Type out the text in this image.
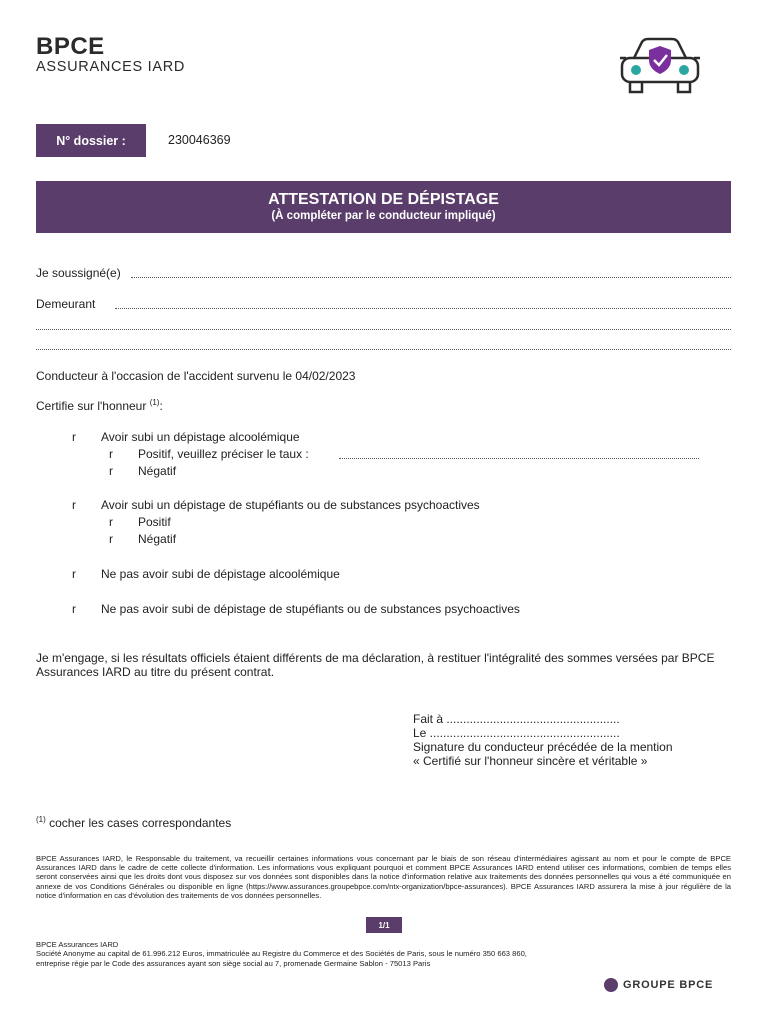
BPCE
ASSURANCES IARD
N° dossier :	230046369
ATTESTATION DE DÉPISTAGE
(À compléter par le conducteur impliqué)
Je soussigné(e)
Demeurant
Conducteur à l'occasion de l'accident survenu le 04/02/2023
Certifie sur l'honneur $^{(1)}$:
r Avoir subi un dépistage alcoolémique
r Positif, veuillez préciser le taux :
r Négatif
r Avoir subi un dépistage de stupéfiants ou de substances psychoactives
r Positif
r Négatif
r Ne pas avoir subi de dépistage alcoolémique
r Ne pas avoir subi de dépistage de stupéfiants ou de substances psychoactives
Je m'engage, si les résultats officiels étaient différents de ma déclaration, à restituer l'intégralité des sommes versées par BPCE Assurances IARD au titre du présent contrat.
Fait à ....................................................
Le .........................................................
Signature du conducteur précédée de la mention « Certifié sur l'honneur sincère et véritable »
$^{(1)}$ cocher les cases correspondantes
BPCE Assurances IARD, le Responsable du traitement, va recueillir certaines informations vous concernant par le biais de son réseau d'intermédiaires agissant au nom et pour le compte de BPCE Assurances IARD dans le cadre de cette collecte d'information. Les informations vous expliquant pourquoi et comment BPCE Assurances IARD entend utiliser ces informations, combien de temps elles seront conservées ainsi que les droits dont vous disposez sur vos données sont disponibles dans la notice d'information relative aux traitements des données personnelles qui vous a été communiquée en annexe de vos Conditions Générales ou disponible en ligne (https://www.assurances.groupebpce.com/ntx-organization/bpce-assurances). BPCE Assurances IARD assurera la mise à jour régulière de la notice d'information en cas d'évolution des traitements de vos données personnelles.
1/1
BPCE Assurances IARD
Société Anonyme au capital de 61.996.212 Euros, immatriculée au Registre du Commerce et des Sociétés de Paris, sous le numéro 350 663 860,
entreprise régie par le Code des assurances ayant son siège social au 7, promenade Germaine Sablon - 75013 Paris
GROUPE BPCE
